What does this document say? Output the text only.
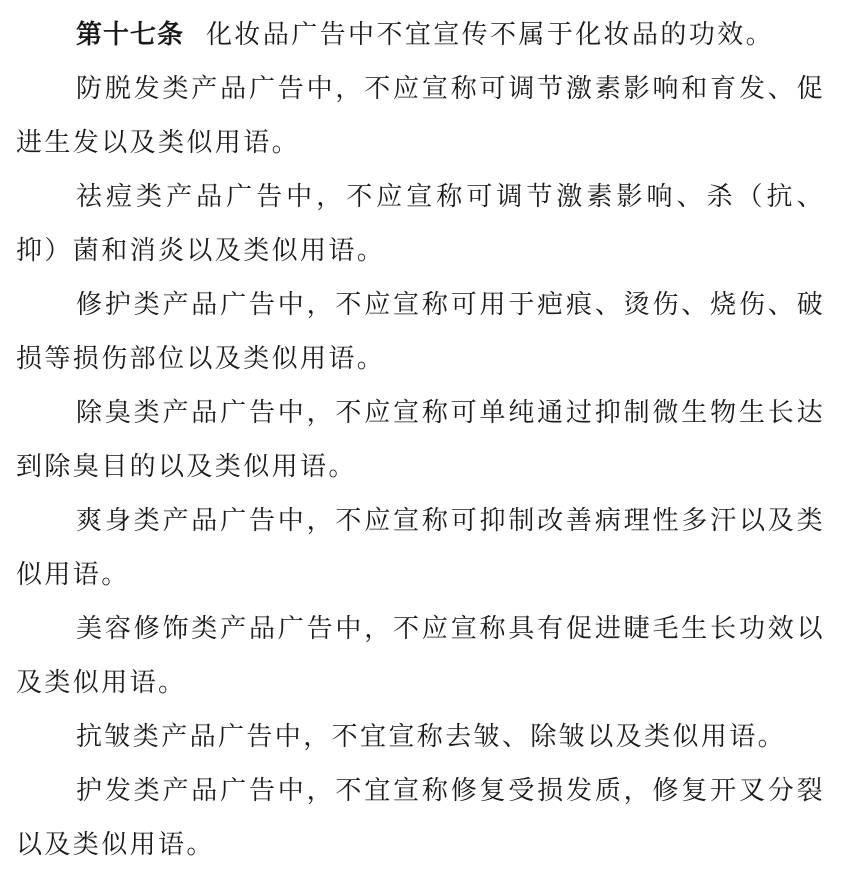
第十七条 化妆品广告中不宜宣传不属于化妆品的功效。

防脱发类产品广告中，不应宣称可调节激素影响和育发、促进生发以及类似用语。

祛痘类产品广告中，不应宣称可调节激素影响、杀（抗、抑）菌和消炎以及类似用语。

修护类产品广告中，不应宣称可用于疤痕、烫伤、烧伤、破损等损伤部位以及类似用语。

除臭类产品广告中，不应宣称可单纯通过抑制微生物生长达到除臭目的以及类似用语。

爽身类产品广告中，不应宣称可抑制改善病理性多汗以及类似用语。

美容修饰类产品广告中，不应宣称具有促进睫毛生长功效以及类似用语。

抗皱类产品广告中，不宜宣称去皱、除皱以及类似用语。

护发类产品广告中，不宜宣称修复受损发质，修复开叉分裂以及类似用语。
